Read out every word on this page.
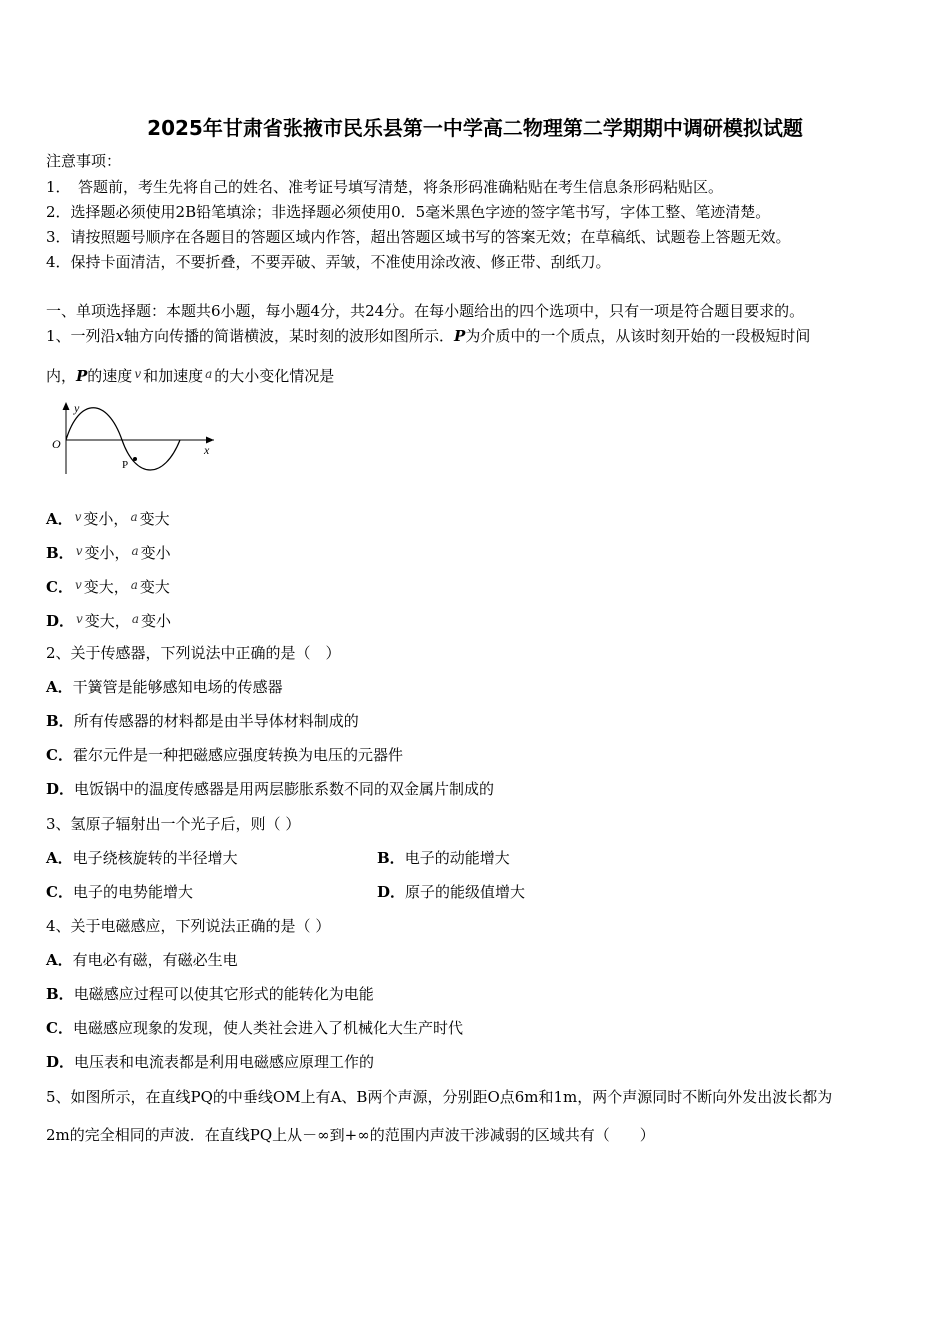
2025年甘肃省张掖市民乐县第一中学高二物理第二学期期中调研模拟试题
注意事项：
1．　答题前，考生先将自己的姓名、准考证号填写清楚，将条形码准确粘贴在考生信息条形码粘贴区。
2．选择题必须使用2B铅笔填涂；非选择题必须使用0．5毫米黑色字迹的签字笔书写，字体工整、笔迹清楚。
3．请按照题号顺序在各题目的答题区域内作答，超出答题区域书写的答案无效；在草稿纸、试题卷上答题无效。
4．保持卡面清洁，不要折叠，不要弄破、弄皱，不准使用涂改液、修正带、刮纸刀。
一、单项选择题：本题共6小题，每小题4分，共24分。在每小题给出的四个选项中，只有一项是符合题目要求的。
1、一列沿x轴方向传播的简谐横波，某时刻的波形如图所示．P为介质中的一个质点，从该时刻开始的一段极短时间
内，P的速度 $^v$ 和加速度 $^a$ 的大小变化情况是
y
x
O
P
A． $^v$ 变小， $^a$ 变大
B． $^v$ 变小， $^a$ 变小
C． $^v$ 变大， $^a$ 变大
D． $^v$ 变大， $^a$ 变小
2、关于传感器，下列说法中正确的是（　）
A．干簧管是能够感知电场的传感器
B．所有传感器的材料都是由半导体材料制成的
C．霍尔元件是一种把磁感应强度转换为电压的元器件
D．电饭锅中的温度传感器是用两层膨胀系数不同的双金属片制成的
3、氢原子辐射出一个光子后，则（ ）
A．电子绕核旋转的半径增大	B．电子的动能增大
C．电子的电势能增大	D．原子的能级值增大
4、关于电磁感应，下列说法正确的是（ ）
A．有电必有磁，有磁必生电
B．电磁感应过程可以使其它形式的能转化为电能
C．电磁感应现象的发现，使人类社会进入了机械化大生产时代
D．电压表和电流表都是利用电磁感应原理工作的
5、如图所示，在直线PQ的中垂线OM上有A、B两个声源，分别距O点6m和1m，两个声源同时不断向外发出波长都为
2m的完全相同的声波．在直线PQ上从－∞到+∞的范围内声波干涉减弱的区域共有（　　）
